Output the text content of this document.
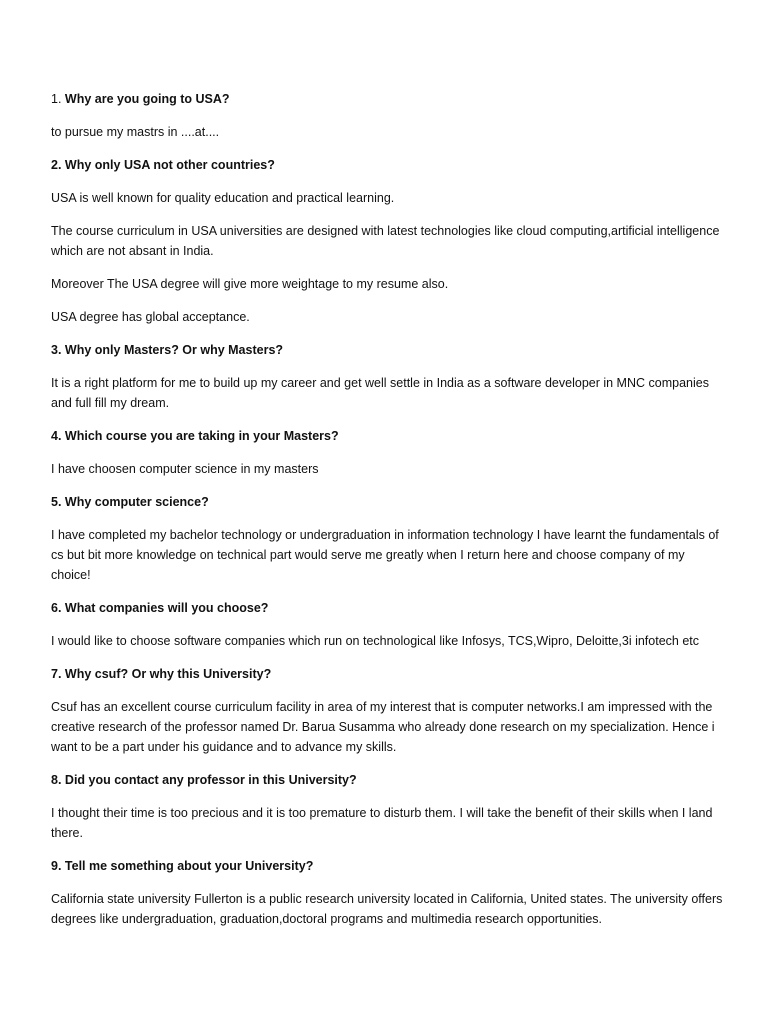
1. Why are you going to USA?

to pursue my mastrs in ....at....

2. Why only USA not other countries?

USA is well known for quality education and practical learning.

The course curriculum in USA universities are designed with latest technologies like cloud computing,artificial intelligence which are not absant in India.

Moreover The USA degree will give more weightage to my resume also.

USA degree has global acceptance.

3. Why only Masters? Or why Masters?

It is a right platform for me to build up my career and get well settle in India as a software developer in MNC companies and full fill my dream.

4. Which course you are taking in your Masters?

I have choosen computer science in my masters

5. Why computer science?

I have completed my bachelor technology or undergraduation in information technology I have learnt the fundamentals of cs but bit more knowledge on technical part would serve me greatly when I return here and choose company of my choice!

6. What companies will you choose?

I would like to choose software companies which run on technological like Infosys, TCS,Wipro, Deloitte,3i infotech etc

7. Why csuf? Or why this University?

Csuf has an excellent course curriculum facility in area of my interest that is computer networks.I am impressed with the creative research of the professor named Dr. Barua Susamma who already done research on my specialization. Hence i want to be a part under his guidance and to advance my skills.

8. Did you contact any professor in this University?

I thought their time is too precious and it is too premature to disturb them. I will take the benefit of their skills when I land there.

9. Tell me something about your University?

California state university Fullerton is a public research university located in California, United states. The university offers degrees like undergraduation, graduation,doctoral programs and multimedia research opportunities.
